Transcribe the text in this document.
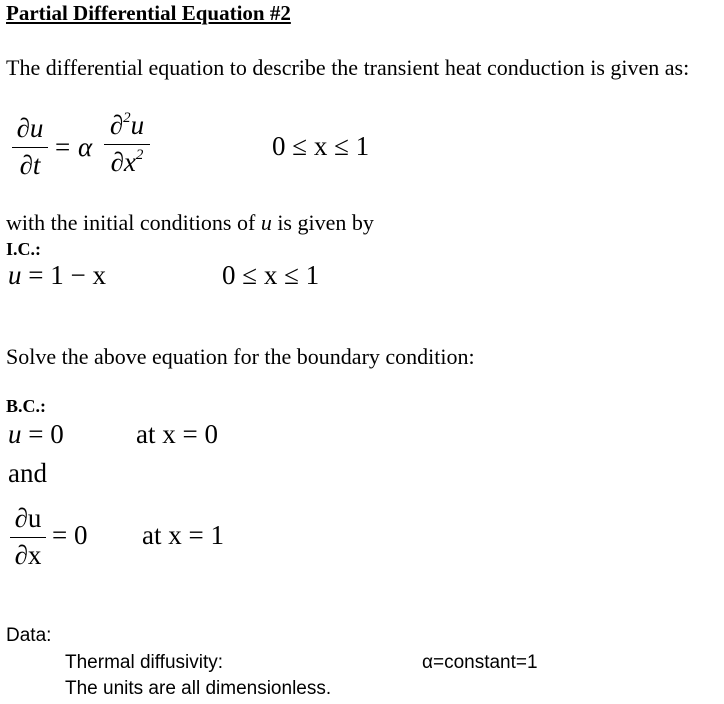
Partial Differential Equation #2
The differential equation to describe the transient heat conduction is given as:
∂u
∂t
= α
∂$^2$u
$\partial x^2$	0 ≤ x ≤ 1
with the initial conditions of u is given by
I.C.:
u = 1 − x	0 ≤ x ≤ 1
Solve the above equation for the boundary condition:
B.C.:
u = 0	at x = 0
and
∂u
∂x
= 0 at x = 1
Data:
Thermal diffusivity:	α=constant=1
The units are all dimensionless.
